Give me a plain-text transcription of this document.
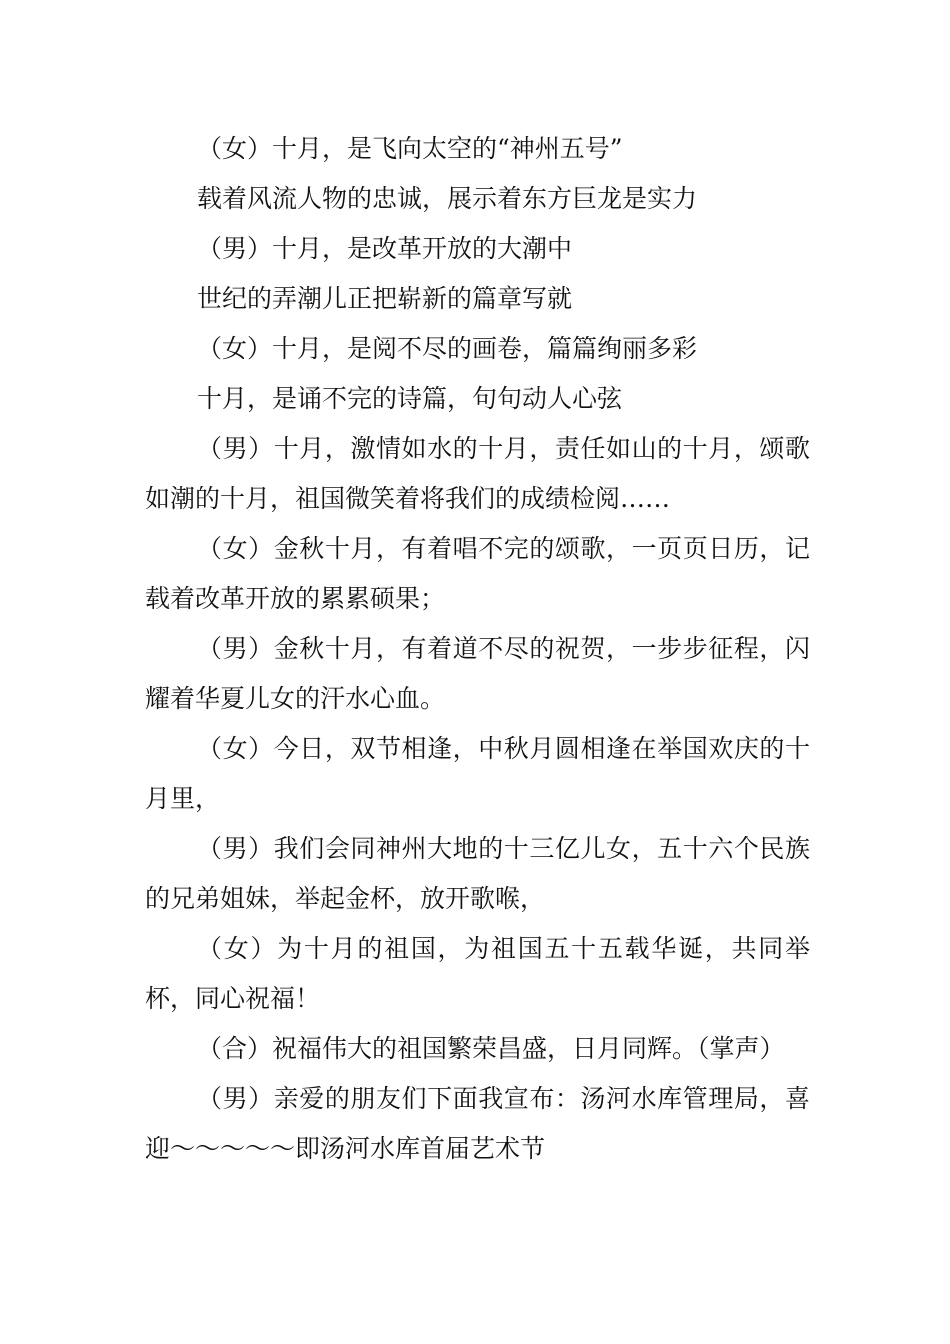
（女）十月，是飞向太空的“神州五号”

载着风流人物的忠诚，展示着东方巨龙是实力

（男）十月，是改革开放的大潮中

世纪的弄潮儿正把崭新的篇章写就

（女）十月，是阅不尽的画卷，篇篇绚丽多彩

十月，是诵不完的诗篇，句句动人心弦

（男）十月，激情如水的十月，责任如山的十月，颂歌如潮的十月，祖国微笑着将我们的成绩检阅……

（女）金秋十月，有着唱不完的颂歌，一页页日历，记载着改革开放的累累硕果；

（男）金秋十月，有着道不尽的祝贺，一步步征程，闪耀着华夏儿女的汗水心血。

（女）今日，双节相逢，中秋月圆相逢在举国欢庆的十月里，

（男）我们会同神州大地的十三亿儿女，五十六个民族的兄弟姐妹，举起金杯，放开歌喉，

（女）为十月的祖国，为祖国五十五载华诞，共同举杯，同心祝福！

（合）祝福伟大的祖国繁荣昌盛，日月同辉。（掌声）

（男）亲爱的朋友们下面我宣布：汤河水库管理局，喜迎～～～～～即汤河水库首届艺术节
